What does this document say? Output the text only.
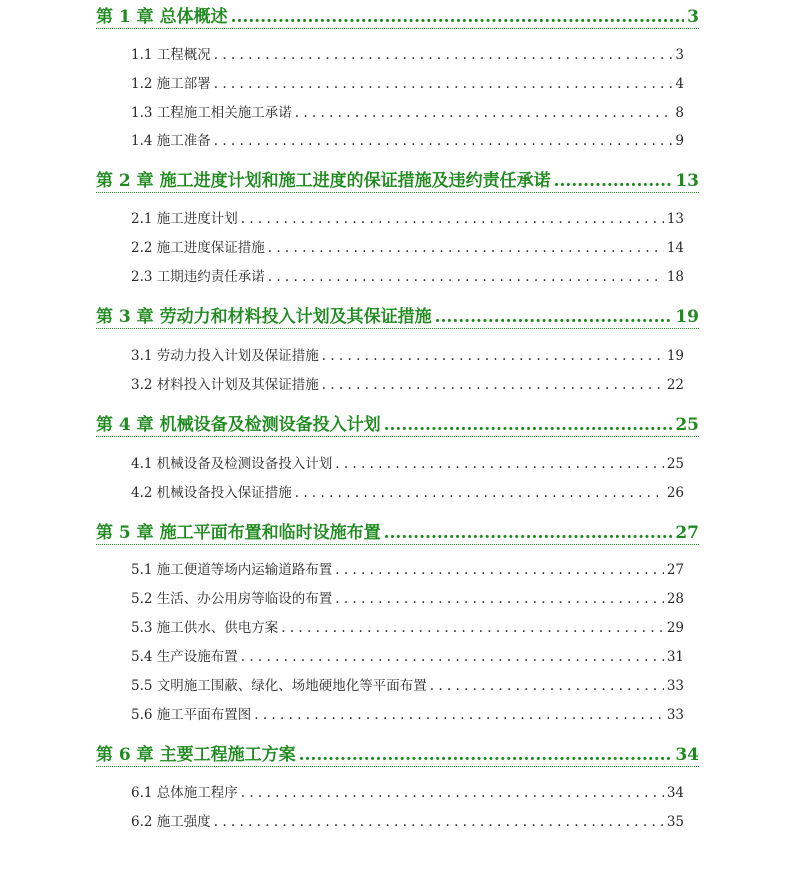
第 1 章 总体概述 .....	3
1.1 工程概况 . . .	3
1.2 施工部署 . . .	4
1.3 工程施工相关施工承诺 . . .	8
1.4 施工准备 . . .	9
第 2 章 施工进度计划和施工进度的保证措施及违约责任承诺 .....	13
2.1 施工进度计划 . . .	13
2.2 施工进度保证措施 . . .	14
2.3 工期违约责任承诺 . . .	18
第 3 章 劳动力和材料投入计划及其保证措施 .....	19
3.1 劳动力投入计划及保证措施 . . .	19
3.2 材料投入计划及其保证措施 . . .	22
第 4 章 机械设备及检测设备投入计划 .....	25
4.1 机械设备及检测设备投入计划 . . .	25
4.2 机械设备投入保证措施 . . .	26
第 5 章 施工平面布置和临时设施布置 .....	27
5.1 施工便道等场内运输道路布置 . . .	27
5.2 生活、办公用房等临设的布置 . . .	28
5.3 施工供水、供电方案 . . .	29
5.4 生产设施布置 . . .	31
5.5 文明施工围蔽、绿化、场地硬地化等平面布置 . . .	33
5.6 施工平面布置图 . . .	33
第 6 章 主要工程施工方案 .....	34
6.1 总体施工程序 . . .	34
6.2 施工强度 . . .	35
